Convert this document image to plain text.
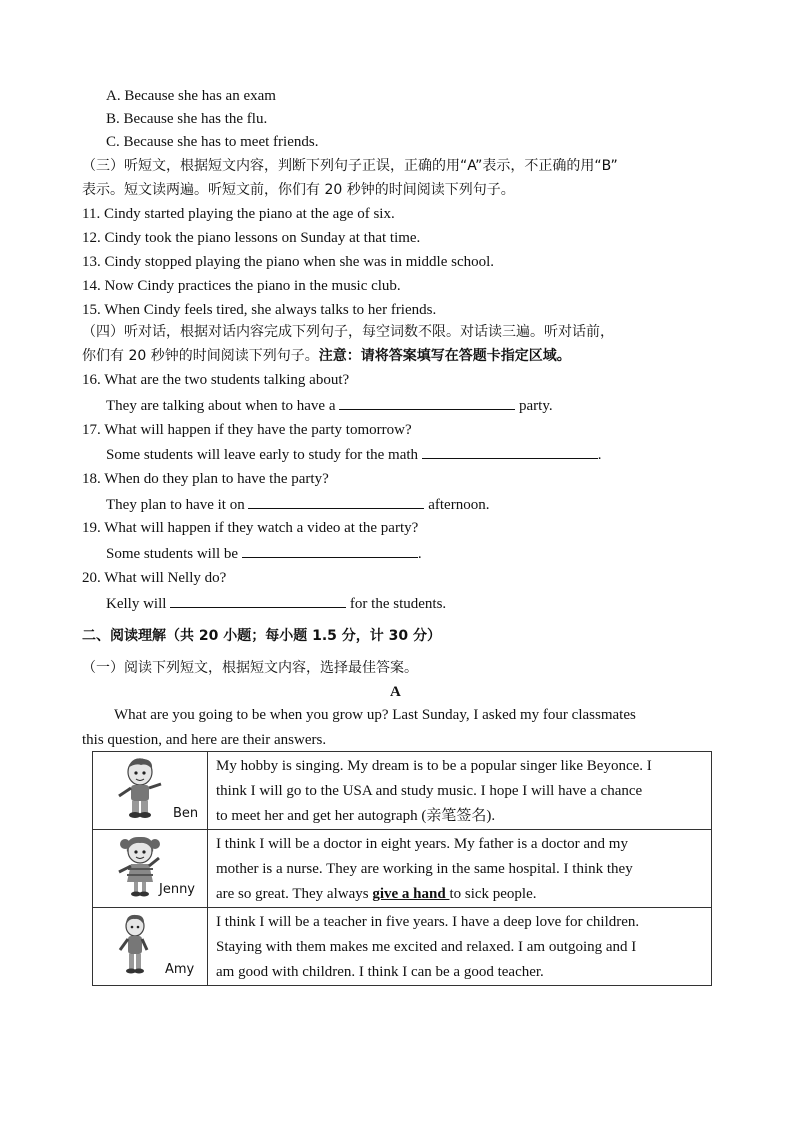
A. Because she has an exam
B. Because she has the flu.
C. Because she has to meet friends.
（三）听短文，根据短文内容，判断下列句子正误，正确的用“A”表示，不正确的用“B”
表示。短文读两遍。听短文前，你们有 20 秒钟的时间阅读下列句子。
11. Cindy started playing the piano at the age of six.
12. Cindy took the piano lessons on Sunday at that time.
13. Cindy stopped playing the piano when she was in middle school.
14. Now Cindy practices the piano in the music club.
15. When Cindy feels tired, she always talks to her friends.
（四）听对话，根据对话内容完成下列句子，每空词数不限。对话读三遍。听对话前，
你们有 20 秒钟的时间阅读下列句子。注意：请将答案填写在答题卡指定区域。
16. What are the two students talking about?
They are talking about when to have a	party.
17. What will happen if they have the party tomorrow?
Some students will leave early to study for the math	.
18. When do they plan to have the party?
They plan to have it on	afternoon.
19. What will happen if they watch a video at the party?
Some students will be	.
20. What will Nelly do?
Kelly will	for the students.
二、阅读理解（共 20 小题；每小题 1.5 分，计 30 分）
（一）阅读下列短文，根据短文内容，选择最佳答案。
A
What are you going to be when you grow up? Last Sunday, I asked my four classmates
this question, and here are their answers.
Ben	My hobby is singing. My dream is to be a popular singer like Beyonce. I
think I will go to the USA and study music. I hope I will have a chance
to meet her and get her autograph (亲笔签名).

Jenny	I think I will be a doctor in eight years. My father is a doctor and my
mother is a nurse. They are working in the same hospital. I think they
are so great. They always give a hand to sick people.

Amy	I think I will be a teacher in five years. I have a deep love for children.
Staying with them makes me excited and relaxed. I am outgoing and I
am good with children. I think I can be a good teacher.
